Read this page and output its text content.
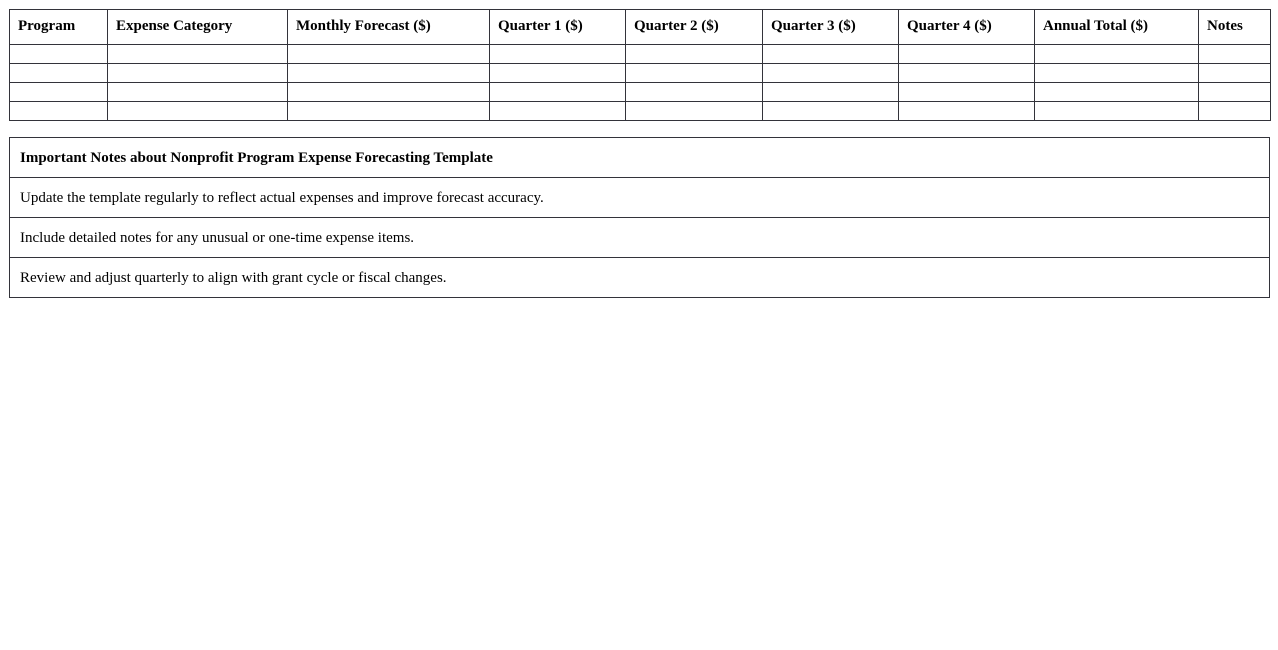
Program	Expense Category	Monthly Forecast ($)	Quarter 1 ($)	Quarter 2 ($)	Quarter 3 ($)	Quarter 4 ($)	Annual Total ($)	Notes

Important Notes about Nonprofit Program Expense Forecasting Template
Update the template regularly to reflect actual expenses and improve forecast accuracy.
Include detailed notes for any unusual or one-time expense items.
Review and adjust quarterly to align with grant cycle or fiscal changes.
